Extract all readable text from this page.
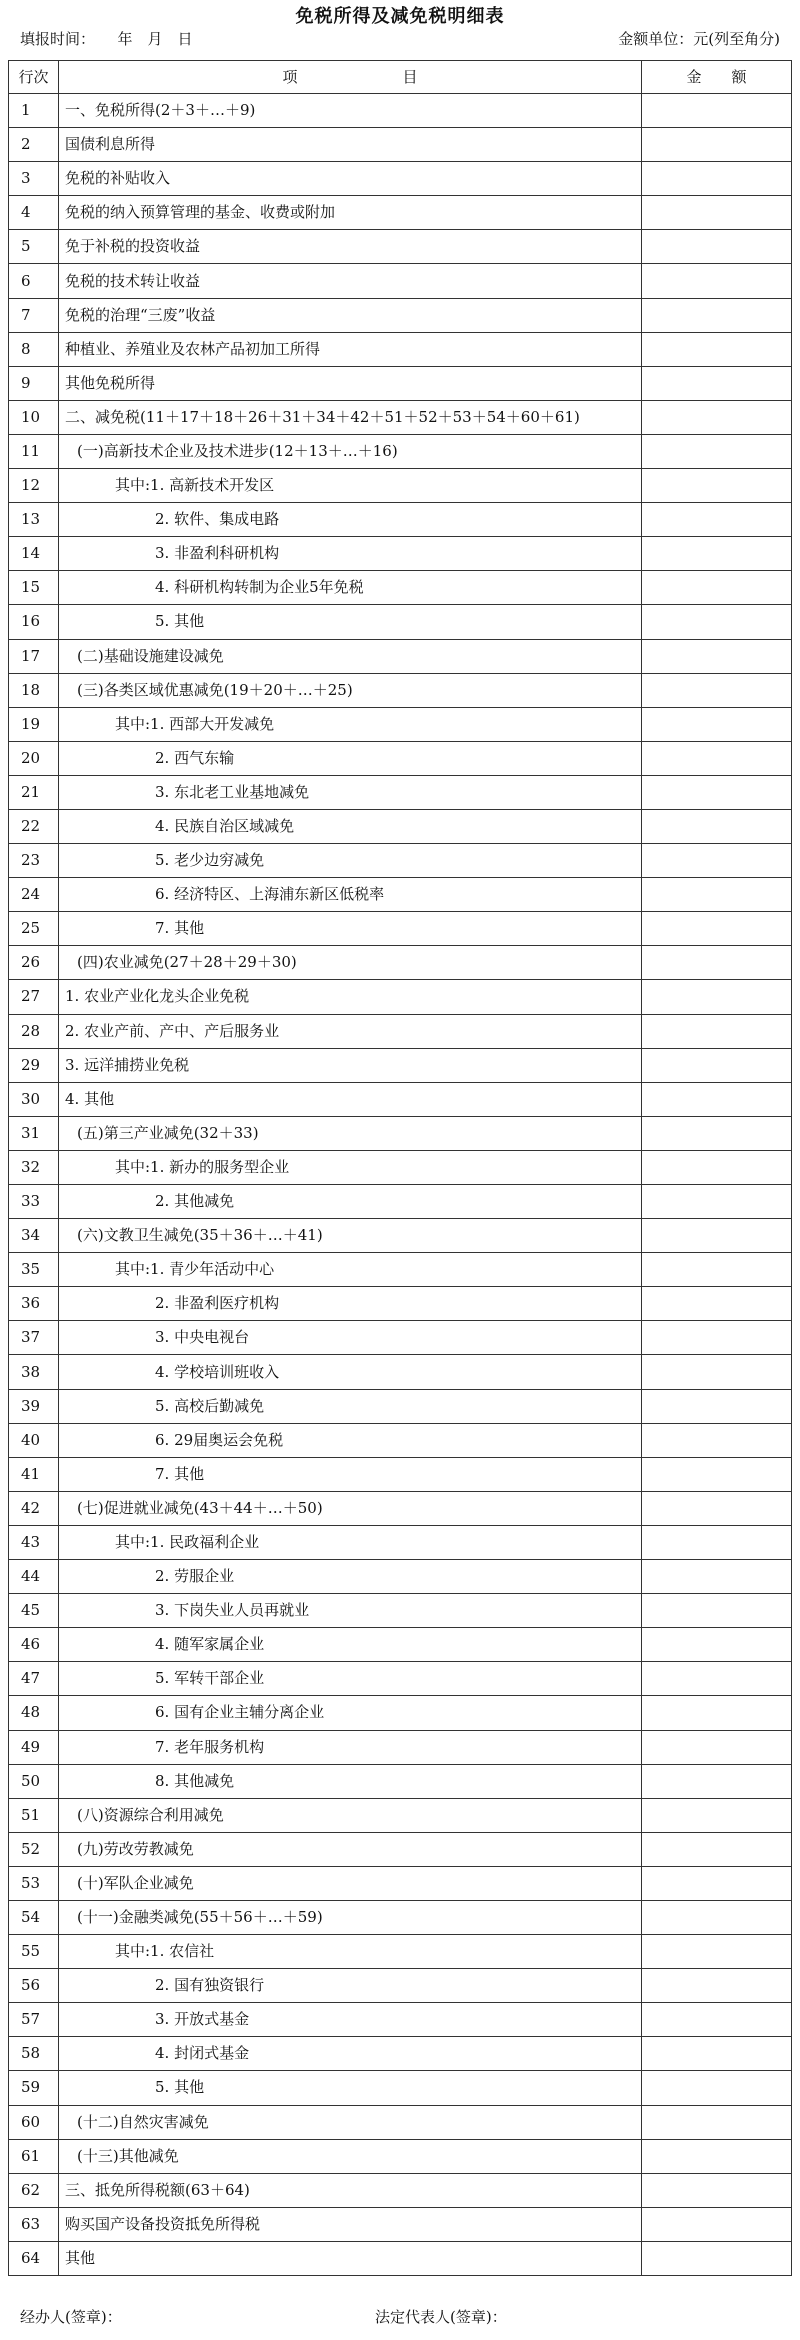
免税所得及减免税明细表
填报时间：　　年　月　日	金额单位：元(列至角分)
行次	项　　　　　　　目	金　　额
1	一、免税所得(2＋3＋…＋9)	
2	国债利息所得	
3	免税的补贴收入	
4	免税的纳入预算管理的基金、收费或附加	
5	免于补税的投资收益	
6	免税的技术转让收益	
7	免税的治理“三废”收益	
8	种植业、养殖业及农林产品初加工所得	
9	其他免税所得	
10	二、减免税(11＋17＋18＋26＋31＋34＋42＋51＋52＋53＋54＋60＋61)	
11	(一)高新技术企业及技术进步(12＋13＋…＋16)	
12	其中:1. 高新技术开发区	
13	2. 软件、集成电路	
14	3. 非盈利科研机构	
15	4. 科研机构转制为企业5年免税	
16	5. 其他	
17	(二)基础设施建设减免	
18	(三)各类区域优惠减免(19＋20＋…＋25)	
19	其中:1. 西部大开发减免	
20	2. 西气东输	
21	3. 东北老工业基地减免	
22	4. 民族自治区域减免	
23	5. 老少边穷减免	
24	6. 经济特区、上海浦东新区低税率	
25	7. 其他	
26	(四)农业减免(27＋28＋29＋30)	
27	1. 农业产业化龙头企业免税	
28	2. 农业产前、产中、产后服务业	
29	3. 远洋捕捞业免税	
30	4. 其他	
31	(五)第三产业减免(32＋33)	
32	其中:1. 新办的服务型企业	
33	2. 其他减免	
34	(六)文教卫生减免(35＋36＋…＋41)	
35	其中:1. 青少年活动中心	
36	2. 非盈利医疗机构	
37	3. 中央电视台	
38	4. 学校培训班收入	
39	5. 高校后勤减免	
40	6. 29届奥运会免税	
41	7. 其他	
42	(七)促进就业减免(43＋44＋…＋50)	
43	其中:1. 民政福利企业	
44	2. 劳服企业	
45	3. 下岗失业人员再就业	
46	4. 随军家属企业	
47	5. 军转干部企业	
48	6. 国有企业主辅分离企业	
49	7. 老年服务机构	
50	8. 其他减免	
51	(八)资源综合利用减免	
52	(九)劳改劳教减免	
53	(十)军队企业减免	
54	(十一)金融类减免(55＋56＋…＋59)	
55	其中:1. 农信社	
56	2. 国有独资银行	
57	3. 开放式基金	
58	4. 封闭式基金	
59	5. 其他	
60	(十二)自然灾害减免	
61	(十三)其他减免	
62	三、抵免所得税额(63＋64)	
63	购买国产设备投资抵免所得税	
64	其他	
经办人(签章)：	法定代表人(签章)：
